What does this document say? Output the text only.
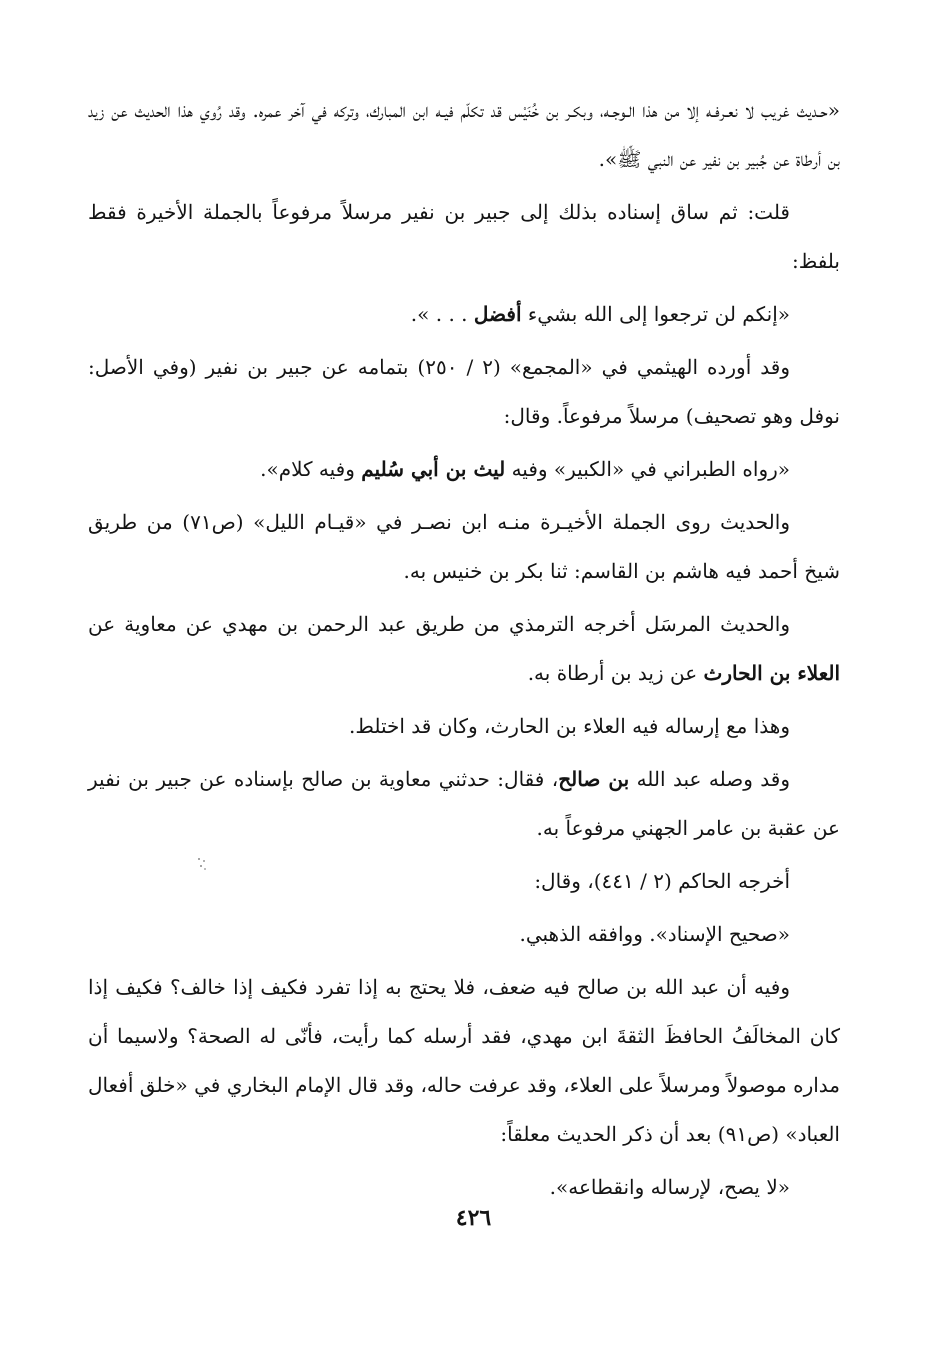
«حـديث غريب لا نعـرفـه إلا من هذا الـوجـه، وبكـر بن خُنَيْس قد تكلّم فيـه ابن المبارك، وتركه في آخر عمره. وقد رُوي هذا الحديث عن زيد بن أرطاة عن جُبير بن نفير عن النبي ﷺ».

قلت: ثم ساق إسناده بذلك إلى جبير بن نفير مرسلاً مرفوعاً بالجملة الأخيرة فقط بلفظ:

«إنكم لن ترجعوا إلى الله بشيء أفضل . . . ».

وقد أورده الهيثمي في «المجمع» (٢ / ٢٥٠) بتمامه عن جبير بن نفير (وفي الأصل: نوفل وهو تصحيف) مرسلاً مرفوعاً. وقال:

«رواه الطبراني في «الكبير» وفيه ليث بن أبي سُليم وفيه كلام».

والحديث روى الجملة الأخيـرة منـه ابن نصـر في «قيـام الليل» (ص٧١) من طريق شيخ أحمد فيه هاشم بن القاسم: ثنا بكر بن خنيس به.

والحديث المرسَل أخرجه الترمذي من طريق عبد الرحمن بن مهدي عن معاوية عن العلاء بن الحارث عن زيد بن أرطاة به.

وهذا مع إرساله فيه العلاء بن الحارث، وكان قد اختلط.

وقد وصله عبد الله بن صالح، فقال: حدثني معاوية بن صالح بإسناده عن جبير بن نفير عن عقبة بن عامر الجهني مرفوعاً به.

أخرجه الحاكم (٢ / ٤٤١)، وقال:

«صحيح الإسناد». ووافقه الذهبي.

وفيه أن عبد الله بن صالح فيه ضعف، فلا يحتج به إذا تفرد فكيف إذا خالف؟ فكيف إذا كان المخالَفُ الحافظَ الثقةَ ابن مهدي، فقد أرسله كما رأيت، فأنّى له الصحة؟ ولاسيما أن مداره موصولاً ومرسلاً على العلاء، وقد عرفت حاله، وقد قال الإمام البخاري في «خلق أفعال العباد» (ص٩١) بعد أن ذكر الحديث معلقاً:

«لا يصح، لإرساله وانقطاعه».

٤٢٦
